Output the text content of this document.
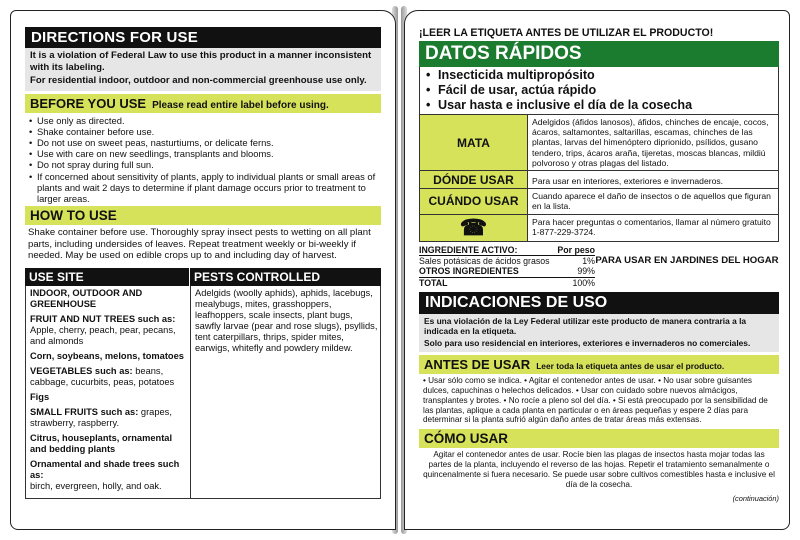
DIRECTIONS FOR USE

It is a violation of Federal Law to use this product in a manner inconsistent with its labeling.

For residential indoor, outdoor and non-commercial greenhouse use only.

BEFORE YOU USE Please read entire label before using.
• Use only as directed.
• Shake container before use.
• Do not use on sweet peas, nasturtiums, or delicate ferns.
• Use with care on new seedlings, transplants and blooms.
• Do not spray during full sun.
• If concerned about sensitivity of plants, apply to individual plants or small areas of plants and wait 2 days to determine if plant damage occurs prior to treatment to larger areas.
HOW TO USE
Shake container before use. Thoroughly spray insect pests to wetting on all plant parts, including undersides of leaves. Repeat treatment weekly or bi-weekly if needed. May be used on edible crops up to and including day of harvest.
USE SITE	PESTS CONTROLLED
INDOOR, OUTDOOR AND GREENHOUSE
FRUIT AND NUT TREES such as:
Apple, cherry, peach, pear, pecans, and almonds
Corn, soybeans, melons, tomatoes
VEGETABLES such as: beans, cabbage, cucurbits, peas, potatoes
Figs
SMALL FRUITS such as: grapes, strawberry, raspberry.
Citrus, houseplants, ornamental and bedding plants
Ornamental and shade trees such as:
birch, evergreen, holly, and oak.
Adelgids (woolly aphids), aphids, lacebugs, mealybugs, mites, grasshoppers, leafhoppers, scale insects, plant bugs, sawfly larvae (pear and rose slugs), psyllids, tent caterpillars, thrips, spider mites, earwigs, whitefly and powdery mildew.
¡LEER LA ETIQUETA ANTES DE UTILIZAR EL PRODUCTO!
DATOS RÁPIDOS
• Insecticida multipropósito
• Fácil de usar, actúa rápido
• Usar hasta e inclusive el día de la cosecha
MATA
Adelgidos (áfidos lanosos), áfidos, chinches de encaje, cocos, ácaros, saltamontes, saltarillas, escamas, chinches de las plantas, larvas del himenóptero diprionido, psílidos, gusano tendero, trips, ácaros araña, tijeretas, moscas blancas, mildiú polvoroso y otras plagas del listado.
DÓNDE USAR	Para usar en interiores, exteriores e invernaderos.
CUÁNDO USAR	Cuando aparece el daño de insectos o de aquellos que figuran en la lista.
☎	Para hacer preguntas o comentarios, llamar al número gratuito 1-877-229-3724.
INGREDIENTE ACTIVO:	Por peso
Sales potásicas de ácidos grasos	1%
OTROS INGREDIENTES	99%
TOTAL	100%
PARA USAR EN JARDINES DEL HOGAR
INDICACIONES DE USO

Es una violación de la Ley Federal utilizar este producto de manera contraria a la indicada en la etiqueta.

Solo para uso residencial en interiores, exteriores e invernaderos no comerciales.

ANTES DE USAR Leer toda la etiqueta antes de usar el producto.
• Usar sólo como se indica. • Agitar el contenedor antes de usar. • No usar sobre guisantes dulces, capuchinas o helechos delicados. • Usar con cuidado sobre nuevos almácigos, transplantes y brotes. • No rocíe a pleno sol del día. • Si está preocupado por la sensibilidad de las plantas, aplique a cada planta en particular o en áreas pequeñas y espere 2 días para determinar si la planta sufrió algún daño antes de tratar áreas más extensas.
CÓMO USAR
Agitar el contenedor antes de usar. Rocíe bien las plagas de insectos hasta mojar todas las partes de la planta, incluyendo el reverso de las hojas. Repetir el tratamiento semanalmente o quincenalmente si fuera necesario. Se puede usar sobre cultivos comestibles hasta e inclusive el día de la cosecha.
(continuación)
